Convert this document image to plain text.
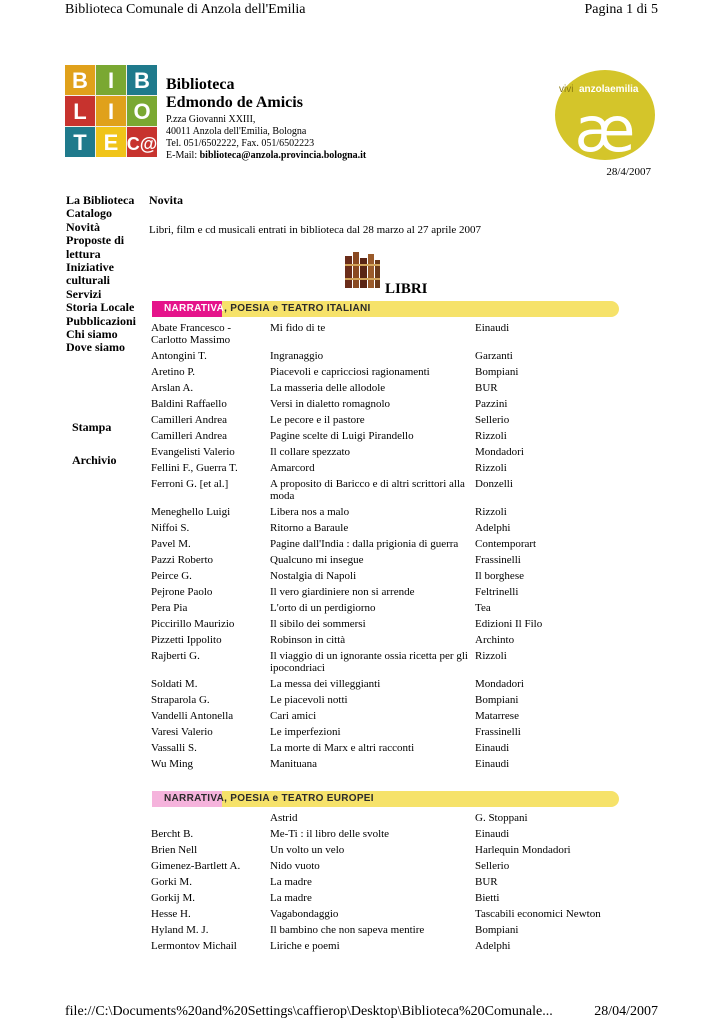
Biblioteca Comunale di Anzola dell'Emilia	Pagina 1 di 5
B I B
L I O
T E C@
Biblioteca
Edmondo de Amicis
P.zza Giovanni XXIII,
40011 Anzola dell'Emilia, Bologna
Tel. 051/6502222, Fax. 051/6502223
E-Mail: biblioteca@anzola.provincia.bologna.it
vivi anzolaemilia
æ
28/4/2007
La Biblioteca
Catalogo
Novità
Proposte di
lettura
Iniziative
culturali
Servizi
Storia Locale
Pubblicazioni
Chi siamo
Dove siamo
Stampa
Archivio
Novita
Libri, film e cd musicali entrati in biblioteca dal 28 marzo al 27 aprile 2007
LIBRI
NARRATIVA, POESIA e TEATRO ITALIANI
Abate Francesco - Carlotto Massimo	Mi fido di te	Einaudi
Antongini T.	Ingranaggio	Garzanti
Aretino P.	Piacevoli e capricciosi ragionamenti	Bompiani
Arslan A.	La masseria delle allodole	BUR
Baldini Raffaello	Versi in dialetto romagnolo	Pazzini
Camilleri Andrea	Le pecore e il pastore	Sellerio
Camilleri Andrea	Pagine scelte di Luigi Pirandello	Rizzoli
Evangelisti Valerio	Il collare spezzato	Mondadori
Fellini F., Guerra T.	Amarcord	Rizzoli
Ferroni G. [et al.]	A proposito di Baricco e di altri scrittori alla moda	Donzelli
Meneghello Luigi	Libera nos a malo	Rizzoli
Niffoi S.	Ritorno a Baraule	Adelphi
Pavel M.	Pagine dall'India : dalla prigionia di guerra	Contemporart
Pazzi Roberto	Qualcuno mi insegue	Frassinelli
Peirce G.	Nostalgia di Napoli	Il borghese
Pejrone Paolo	Il vero giardiniere non si arrende	Feltrinelli
Pera Pia	L'orto di un perdigiorno	Tea
Piccirillo Maurizio	Il sibilo dei sommersi	Edizioni Il Filo
Pizzetti Ippolito	Robinson in città	Archinto
Rajberti G.	Il viaggio di un ignorante ossia ricetta per gli ipocondriaci	Rizzoli
Soldati M.	La messa dei villeggianti	Mondadori
Straparola G.	Le piacevoli notti	Bompiani
Vandelli Antonella	Cari amici	Matarrese
Varesi Valerio	Le imperfezioni	Frassinelli
Vassalli S.	La morte di Marx e altri racconti	Einaudi
Wu Ming	Manituana	Einaudi
NARRATIVA, POESIA e TEATRO EUROPEI
	Astrid	G. Stoppani
Bercht B.	Me-Ti : il libro delle svolte	Einaudi
Brien Nell	Un volto un velo	Harlequin Mondadori
Gimenez-Bartlett A.	Nido vuoto	Sellerio
Gorki M.	La madre	BUR
Gorkij M.	La madre	Bietti
Hesse H.	Vagabondaggio	Tascabili economici Newton
Hyland M. J.	Il bambino che non sapeva mentire	Bompiani
Lermontov Michail	Liriche e poemi	Adelphi
file://C:\Documents%20and%20Settings\caffierop\Desktop\Biblioteca%20Comunale...	28/04/2007
